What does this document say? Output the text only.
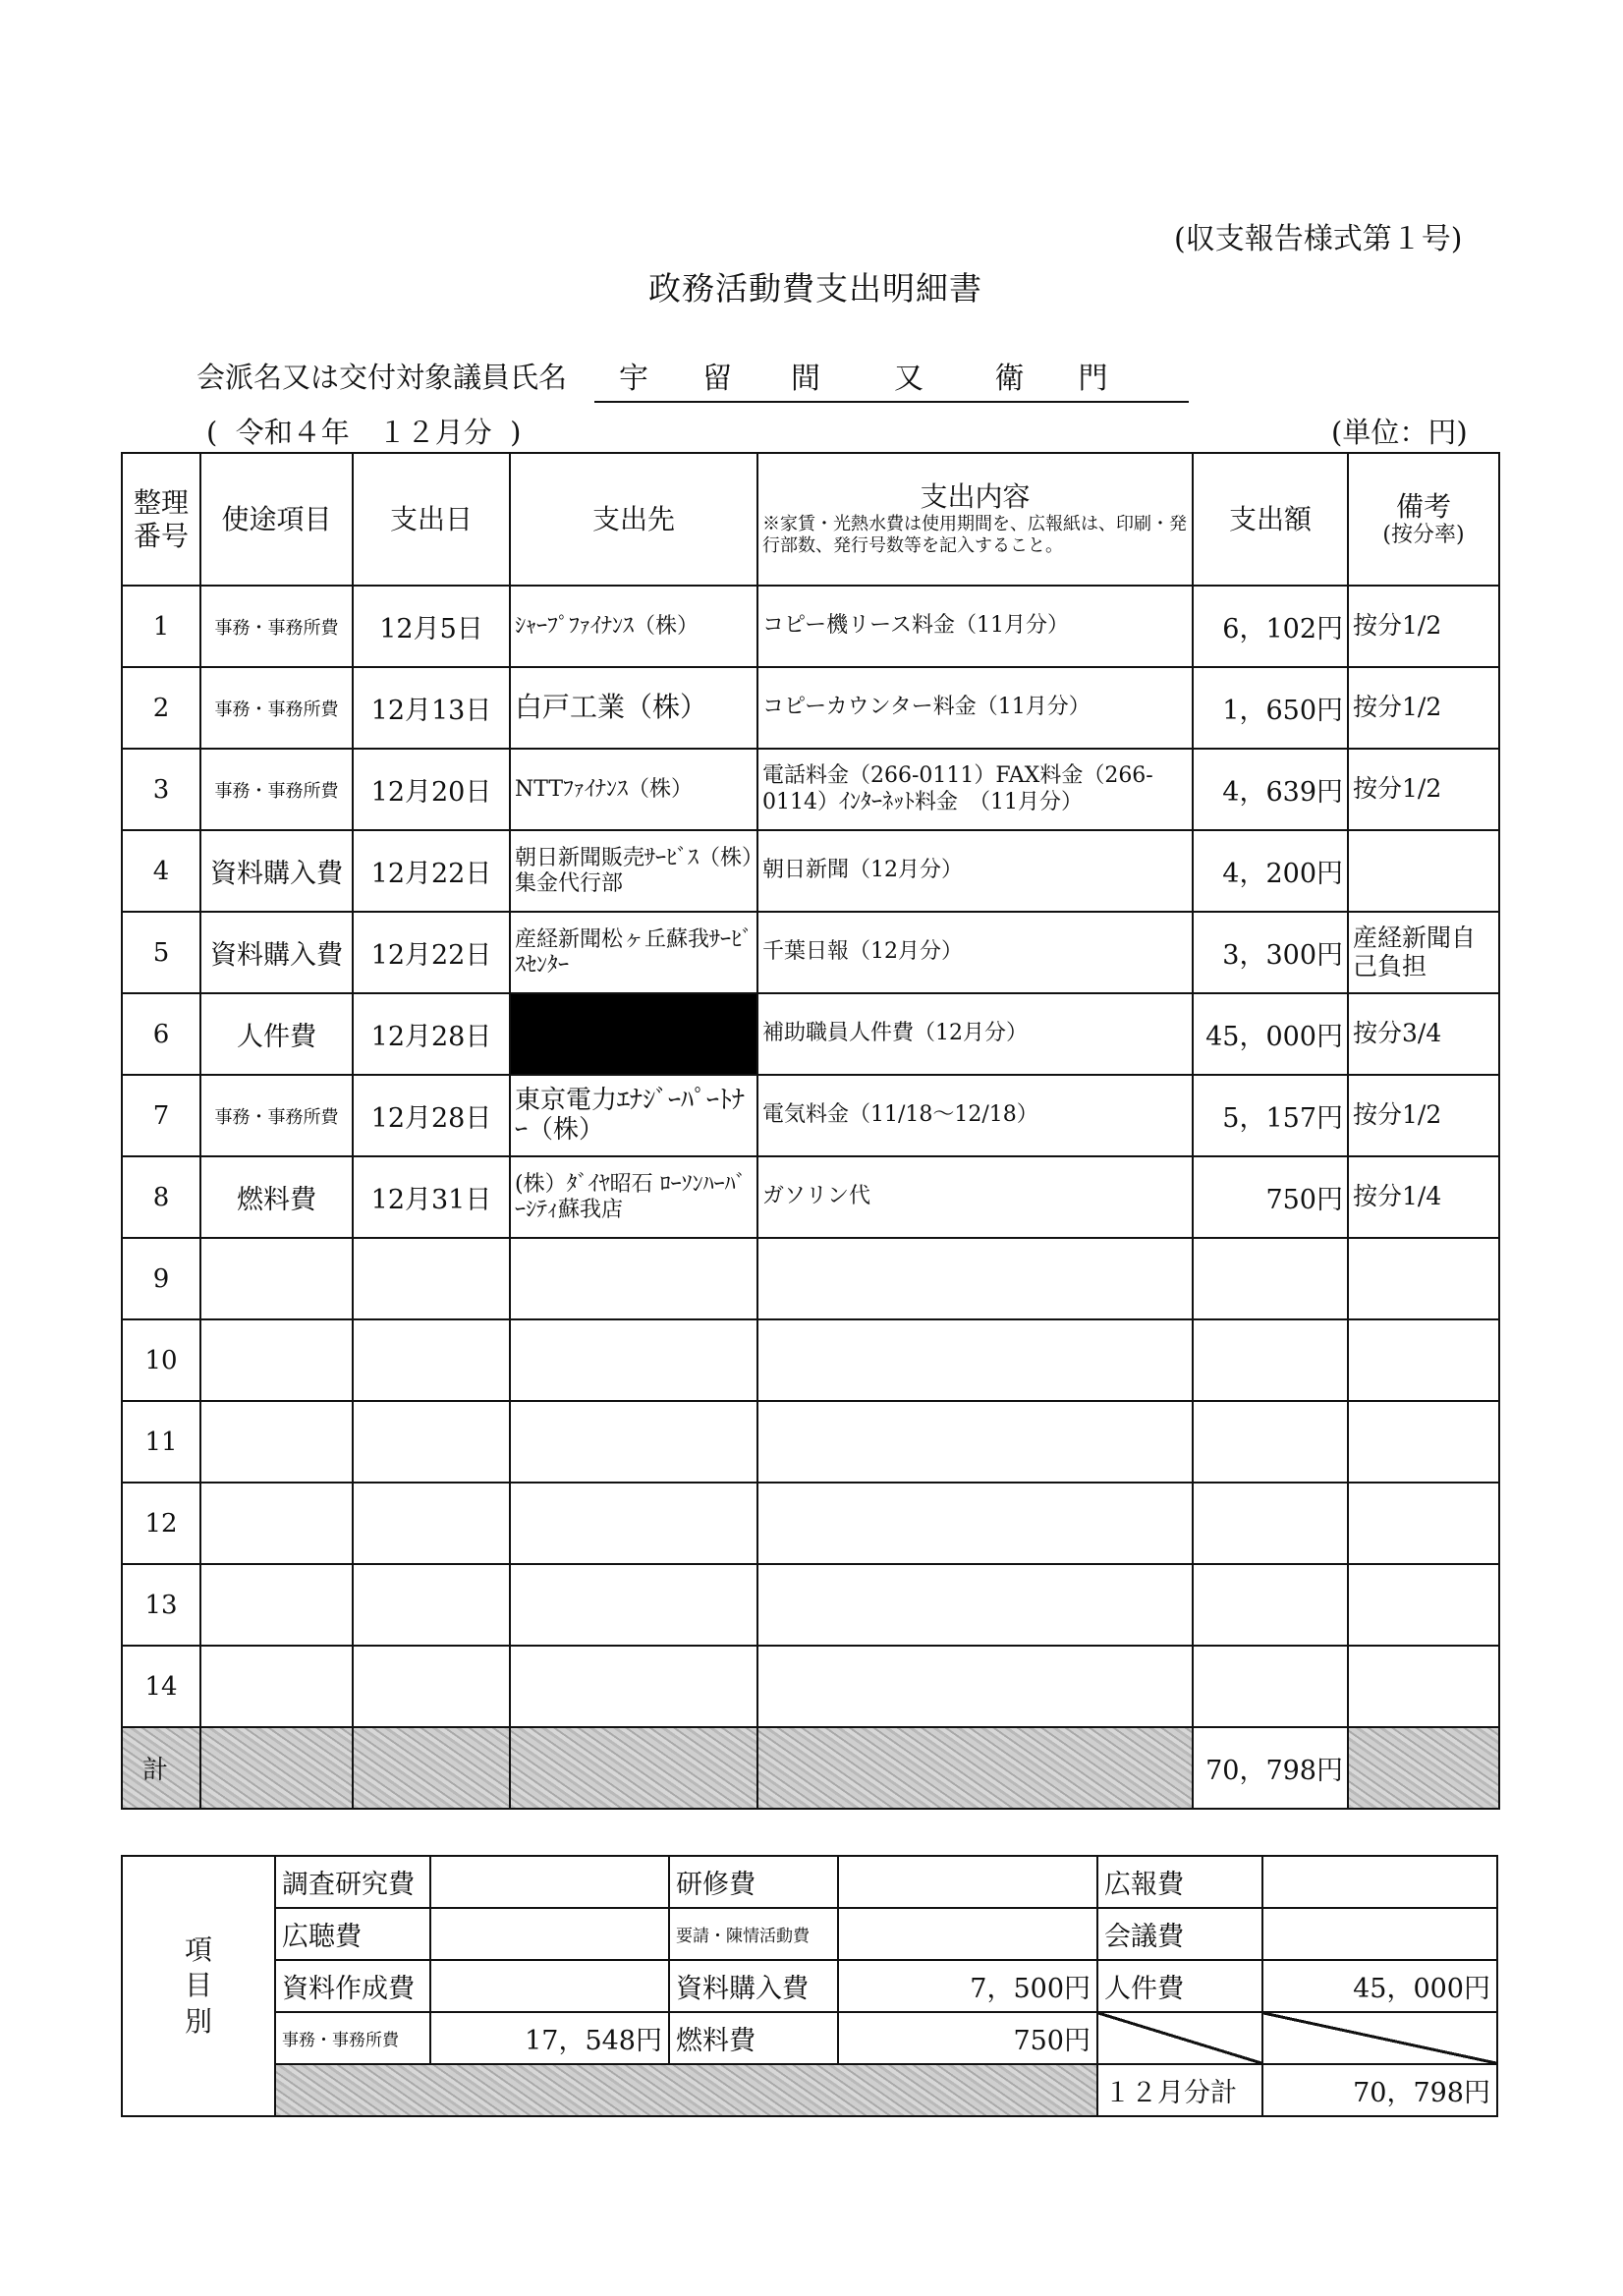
(収支報告様式第１号)
政務活動費支出明細書
会派名又は交付対象議員氏名	宇	留	間	又	衛	門
(  令和４年　１２月分  )	(単位：円)
整理番号	使途項目	支出日	支出先	支出内容
※家賃・光熱水費は使用期間を、広報紙は、印刷・発行部数、発行号数等を記入すること。	支出額	備考
(按分率)

1	事務・事務所費	12月5日	ｼｬｰﾌﾟﾌｧｲﾅﾝｽ（株）	コピー機リース料金（11月分）	6，102円	按分1/2
2	事務・事務所費	12月13日	白戸工業（株）	コピーカウンター料金（11月分）	1，650円	按分1/2
3	事務・事務所費	12月20日	NTTﾌｧｲﾅﾝｽ（株）	電話料金（266-0111）FAX料金（266-0114）ｲﾝﾀｰﾈｯﾄ料金　（11月分）	4，639円	按分1/2
4	資料購入費	12月22日	朝日新聞販売ｻｰﾋﾞｽ（株）集金代行部	朝日新聞（12月分）	4，200円	
5	資料購入費	12月22日	産経新聞松ヶ丘蘇我ｻｰﾋﾞｽｾﾝﾀｰ	千葉日報（12月分）	3，300円	産経新聞自己負担
6	人件費	12月28日		補助職員人件費（12月分）	45，000円	按分3/4
7	事務・事務所費	12月28日	東京電力ｴﾅｼﾞｰﾊﾟｰﾄﾅｰ（株）	電気料金（11/18～12/18）	5，157円	按分1/2
8	燃料費	12月31日	(株）ﾀﾞｲﾔ昭石 ﾛｰｿﾝﾊｰﾊﾞｰｼﾃｨ蘇我店	ガソリン代	750円	按分1/4
9						
10						
11						
12						
13						
14						
計					70，798円	
項目別	調査研究費		研修費		広報費	
	広聴費		要請・陳情活動費		会議費	
	資料作成費		資料購入費	7，500円	人件費	45，000円
	事務・事務所費	17，548円	燃料費	750円		
					１２月分計	70，798円
